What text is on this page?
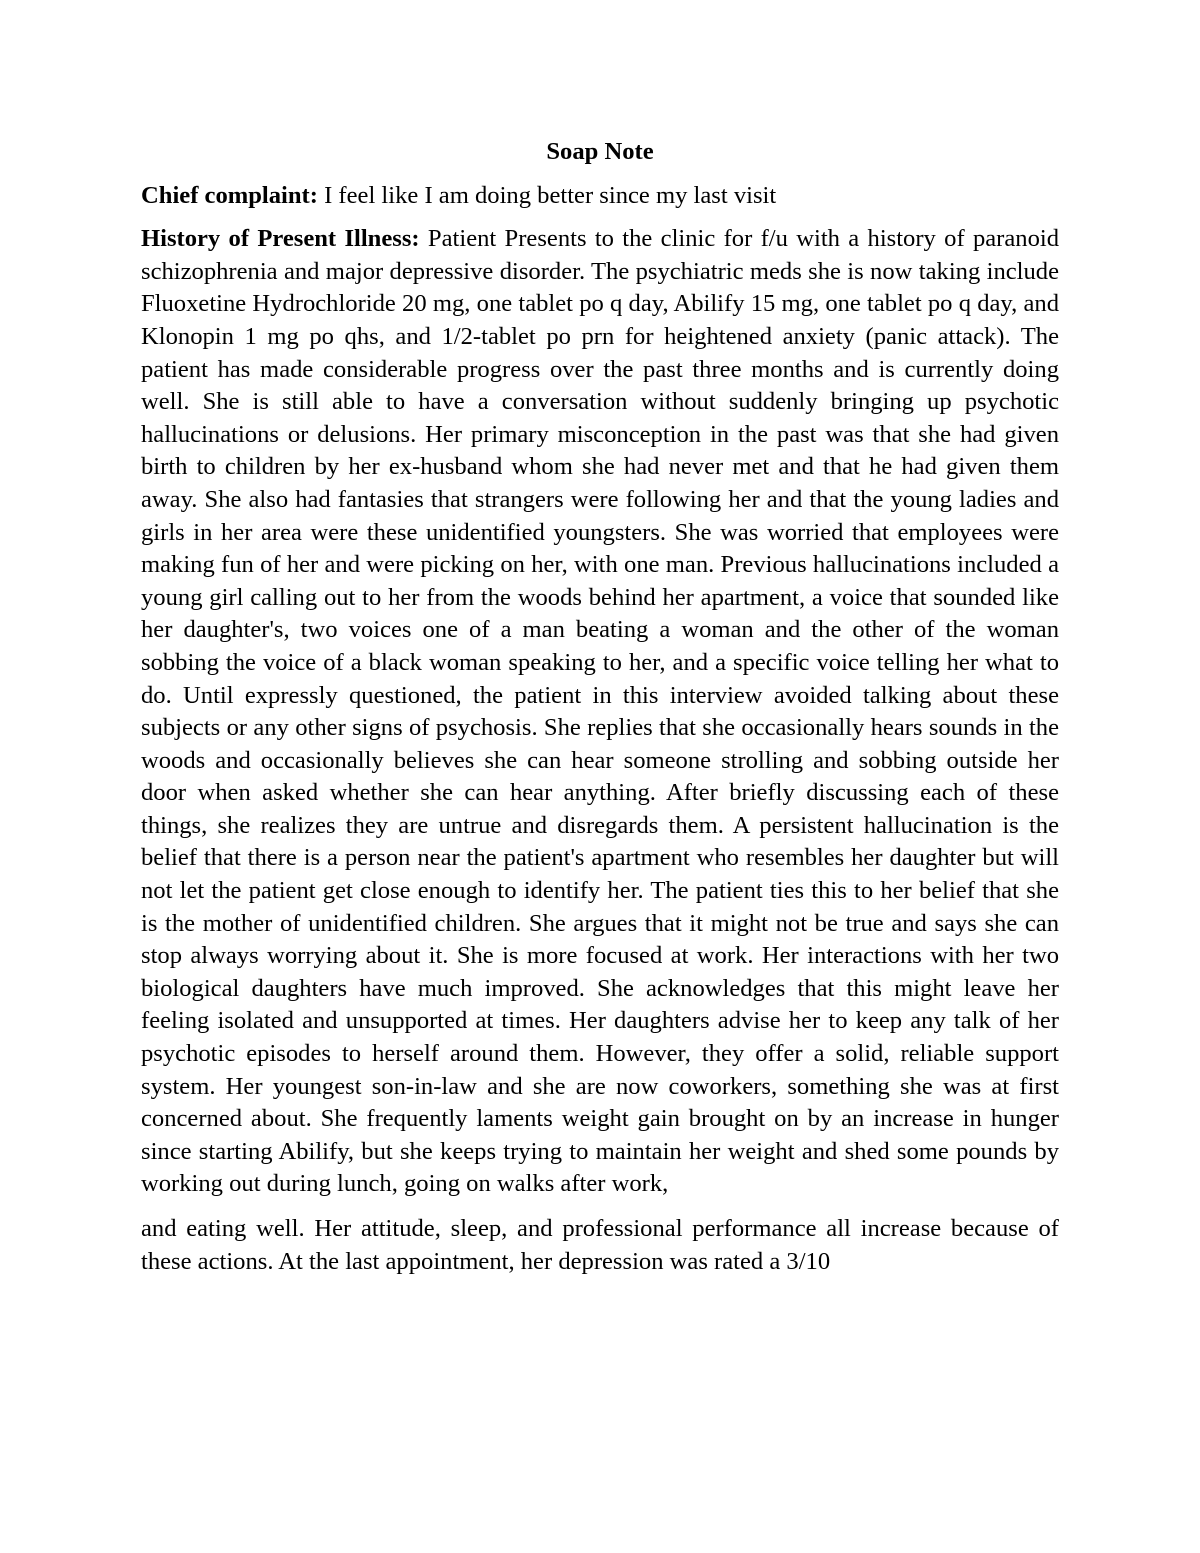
Soap Note
Chief complaint: I feel like I am doing better since my last visit
History of Present Illness: Patient Presents to the clinic for f/u with a history of paranoid schizophrenia and major depressive disorder. The psychiatric meds she is now taking include Fluoxetine Hydrochloride 20 mg, one tablet po q day, Abilify 15 mg, one tablet po q day, and Klonopin 1 mg po qhs, and 1/2-tablet po prn for heightened anxiety (panic attack). The patient has made considerable progress over the past three months and is currently doing well. She is still able to have a conversation without suddenly bringing up psychotic hallucinations or delusions. Her primary misconception in the past was that she had given birth to children by her ex-husband whom she had never met and that he had given them away. She also had fantasies that strangers were following her and that the young ladies and girls in her area were these unidentified youngsters. She was worried that employees were making fun of her and were picking on her, with one man. Previous hallucinations included a young girl calling out to her from the woods behind her apartment, a voice that sounded like her daughter's, two voices one of a man beating a woman and the other of the woman sobbing the voice of a black woman speaking to her, and a specific voice telling her what to do. Until expressly questioned, the patient in this interview avoided talking about these subjects or any other signs of psychosis. She replies that she occasionally hears sounds in the woods and occasionally believes she can hear someone strolling and sobbing outside her door when asked whether she can hear anything. After briefly discussing each of these things, she realizes they are untrue and disregards them. A persistent hallucination is the belief that there is a person near the patient's apartment who resembles her daughter but will not let the patient get close enough to identify her. The patient ties this to her belief that she is the mother of unidentified children. She argues that it might not be true and says she can stop always worrying about it. She is more focused at work. Her interactions with her two biological daughters have much improved. She acknowledges that this might leave her feeling isolated and unsupported at times. Her daughters advise her to keep any talk of her psychotic episodes to herself around them. However, they offer a solid, reliable support system. Her youngest son-in-law and she are now coworkers, something she was at first concerned about. She frequently laments weight gain brought on by an increase in hunger since starting Abilify, but she keeps trying to maintain her weight and shed some pounds by working out during lunch, going on walks after work,
and eating well. Her attitude, sleep, and professional performance all increase because of these actions. At the last appointment, her depression was rated a 3/10
